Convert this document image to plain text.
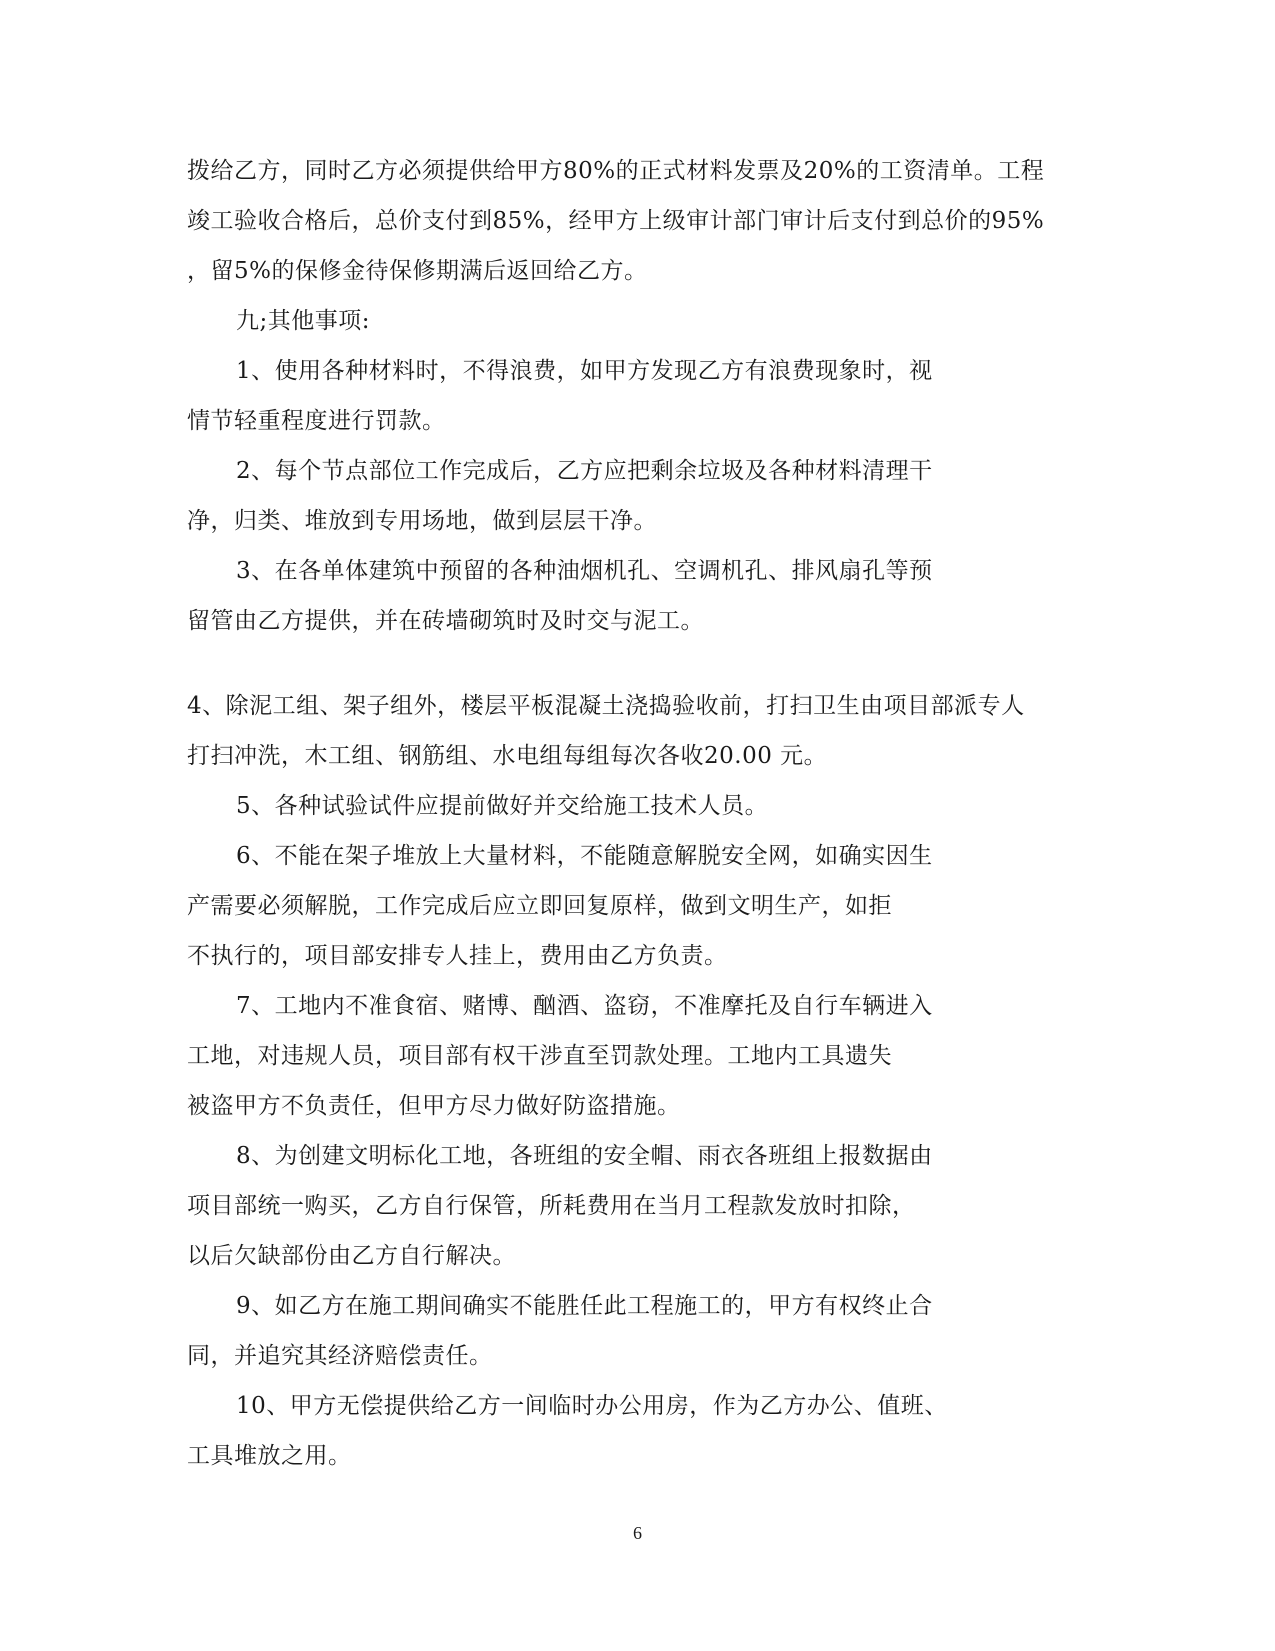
拨给乙方，同时乙方必须提供给甲方80%的正式材料发票及20%的工资清单。工程
竣工验收合格后，总价支付到85%，经甲方上级审计部门审计后支付到总价的95%
，留5%的保修金待保修期满后返回给乙方。
九;其他事项:
1、使用各种材料时，不得浪费，如甲方发现乙方有浪费现象时，视
情节轻重程度进行罚款。
2、每个节点部位工作完成后，乙方应把剩余垃圾及各种材料清理干
净，归类、堆放到专用场地，做到层层干净。
3、在各单体建筑中预留的各种油烟机孔、空调机孔、排风扇孔等预
留管由乙方提供，并在砖墙砌筑时及时交与泥工。
4、除泥工组、架子组外，楼层平板混凝土浇捣验收前，打扫卫生由项目部派专人
打扫冲洗，木工组、钢筋组、水电组每组每次各收20.00 元。
5、各种试验试件应提前做好并交给施工技术人员。
6、不能在架子堆放上大量材料，不能随意解脱安全网，如确实因生
产需要必须解脱，工作完成后应立即回复原样，做到文明生产，如拒
不执行的，项目部安排专人挂上，费用由乙方负责。
7、工地内不准食宿、赌博、酗酒、盗窃，不准摩托及自行车辆进入
工地，对违规人员，项目部有权干涉直至罚款处理。工地内工具遗失
被盗甲方不负责任，但甲方尽力做好防盗措施。
8、为创建文明标化工地，各班组的安全帽、雨衣各班组上报数据由
项目部统一购买，乙方自行保管，所耗费用在当月工程款发放时扣除，
以后欠缺部份由乙方自行解决。
9、如乙方在施工期间确实不能胜任此工程施工的，甲方有权终止合
同，并追究其经济赔偿责任。
10、甲方无偿提供给乙方一间临时办公用房，作为乙方办公、值班、
工具堆放之用。
6
